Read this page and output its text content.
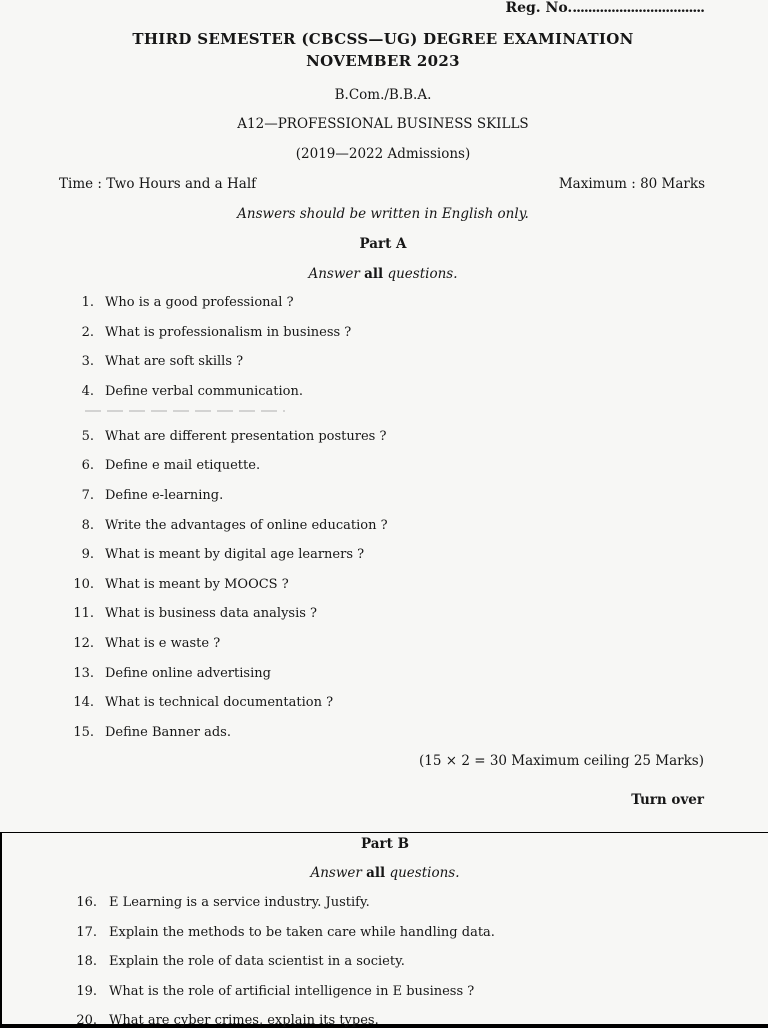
Reg. No...................................
THIRD SEMESTER (CBCSS—UG) DEGREE EXAMINATION
NOVEMBER 2023
B.Com./B.B.A.
A12—PROFESSIONAL BUSINESS SKILLS
(2019—2022 Admissions)
Time : Two Hours and a Half	Maximum : 80 Marks
Answers should be written in English only.
Part A
Answer all questions.
1. Who is a good professional ?
2. What is professionalism in business ?
3. What are soft skills ?
4. Define verbal communication.
5. What are different presentation postures ?
6. Define e mail etiquette.
7. Define e-learning.
8. Write the advantages of online education ?
9. What is meant by digital age learners ?
10. What is meant by MOOCS ?
11. What is business data analysis ?
12. What is e waste ?
13. Define online advertising
14. What is technical documentation ?
15. Define Banner ads.
(15 × 2 = 30 Maximum ceiling 25 Marks)
Turn over
Part B
Answer all questions.
16. E Learning is a service industry. Justify.
17. Explain the methods to be taken care while handling data.
18. Explain the role of data scientist in a society.
19. What is the role of artificial intelligence in E business ?
20. What are cyber crimes, explain its types.
